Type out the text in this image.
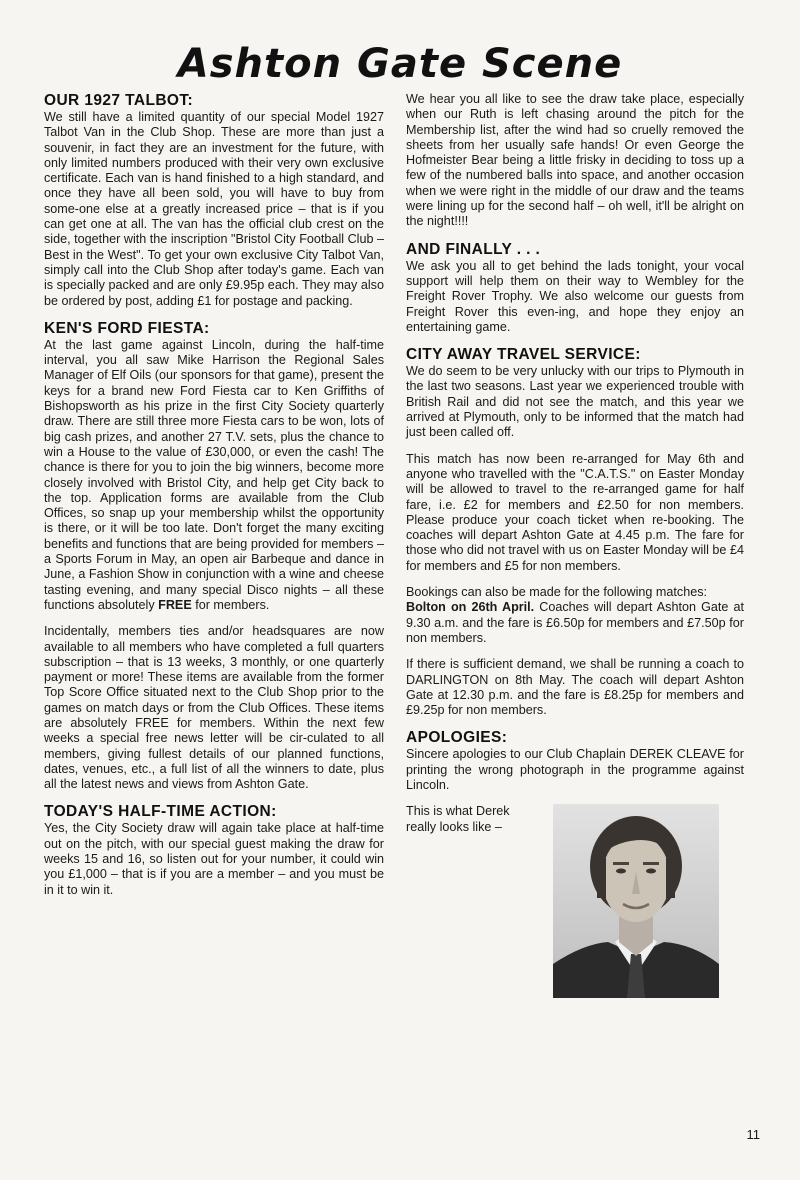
Ashton Gate Scene
OUR 1927 TALBOT:

We still have a limited quantity of our special Model 1927 Talbot Van in the Club Shop. These are more than just a souvenir, in fact they are an investment for the future, with only limited numbers produced with their very own exclusive certificate. Each van is hand finished to a high standard, and once they have all been sold, you will have to buy from some-one else at a greatly increased price – that is if you can get one at all. The van has the official club crest on the side, together with the inscription "Bristol City Football Club – Best in the West". To get your own exclusive City Talbot Van, simply call into the Club Shop after today's game. Each van is specially packed and are only £9.95p each. They may also be ordered by post, adding £1 for postage and packing.

KEN'S FORD FIESTA:

At the last game against Lincoln, during the half-time interval, you all saw Mike Harrison the Regional Sales Manager of Elf Oils (our sponsors for that game), present the keys for a brand new Ford Fiesta car to Ken Griffiths of Bishopsworth as his prize in the first City Society quarterly draw. There are still three more Fiesta cars to be won, lots of big cash prizes, and another 27 T.V. sets, plus the chance to win a House to the value of £30,000, or even the cash! The chance is there for you to join the big winners, become more closely involved with Bristol City, and help get City back to the top. Application forms are available from the Club Offices, so snap up your membership whilst the opportunity is there, or it will be too late. Don't forget the many exciting benefits and functions that are being provided for members – a Sports Forum in May, an open air Barbeque and dance in June, a Fashion Show in conjunction with a wine and cheese tasting evening, and many special Disco nights – all these functions absolutely FREE for members.

Incidentally, members ties and/or headsquares are now available to all members who have completed a full quarters subscription – that is 13 weeks, 3 monthly, or one quarterly payment or more! These items are available from the former Top Score Office situated next to the Club Shop prior to the games on match days or from the Club Offices. These items are absolutely FREE for members. Within the next few weeks a special free news letter will be cir-culated to all members, giving fullest details of our planned functions, dates, venues, etc., a full list of all the winners to date, plus all the latest news and views from Ashton Gate.

TODAY'S HALF-TIME ACTION:

Yes, the City Society draw will again take place at half-time out on the pitch, with our special guest making the draw for weeks 15 and 16, so listen out for your number, it could win you £1,000 – that is if you are a member – and you must be in it to win it.

We hear you all like to see the draw take place, especially when our Ruth is left chasing around the pitch for the Membership list, after the wind had so cruelly removed the sheets from her usually safe hands! Or even George the Hofmeister Bear being a little frisky in deciding to toss up a few of the numbered balls into space, and another occasion when we were right in the middle of our draw and the teams were lining up for the second half – oh well, it'll be alright on the night!!!!

AND FINALLY . . .

We ask you all to get behind the lads tonight, your vocal support will help them on their way to Wembley for the Freight Rover Trophy. We also welcome our guests from Freight Rover this even-ing, and hope they enjoy an entertaining game.

CITY AWAY TRAVEL SERVICE:

We do seem to be very unlucky with our trips to Plymouth in the last two seasons. Last year we experienced trouble with British Rail and did not see the match, and this year we arrived at Plymouth, only to be informed that the match had just been called off.

This match has now been re-arranged for May 6th and anyone who travelled with the "C.A.T.S." on Easter Monday will be allowed to travel to the re-arranged game for half fare, i.e. £2 for members and £2.50 for non members. Please produce your coach ticket when re-booking. The coaches will depart Ashton Gate at 4.45 p.m. The fare for those who did not travel with us on Easter Monday will be £4 for members and £5 for non members.

Bookings can also be made for the following matches:

Bolton on 26th April. Coaches will depart Ashton Gate at 9.30 a.m. and the fare is £6.50p for members and £7.50p for non members.

If there is sufficient demand, we shall be running a coach to DARLINGTON on 8th May. The coach will depart Ashton Gate at 12.30 p.m. and the fare is £8.25p for members and £9.25p for non members.

APOLOGIES:

Sincere apologies to our Club Chaplain DEREK CLEAVE for printing the wrong photograph in the programme against Lincoln.

This is what Derek really looks like –
11
